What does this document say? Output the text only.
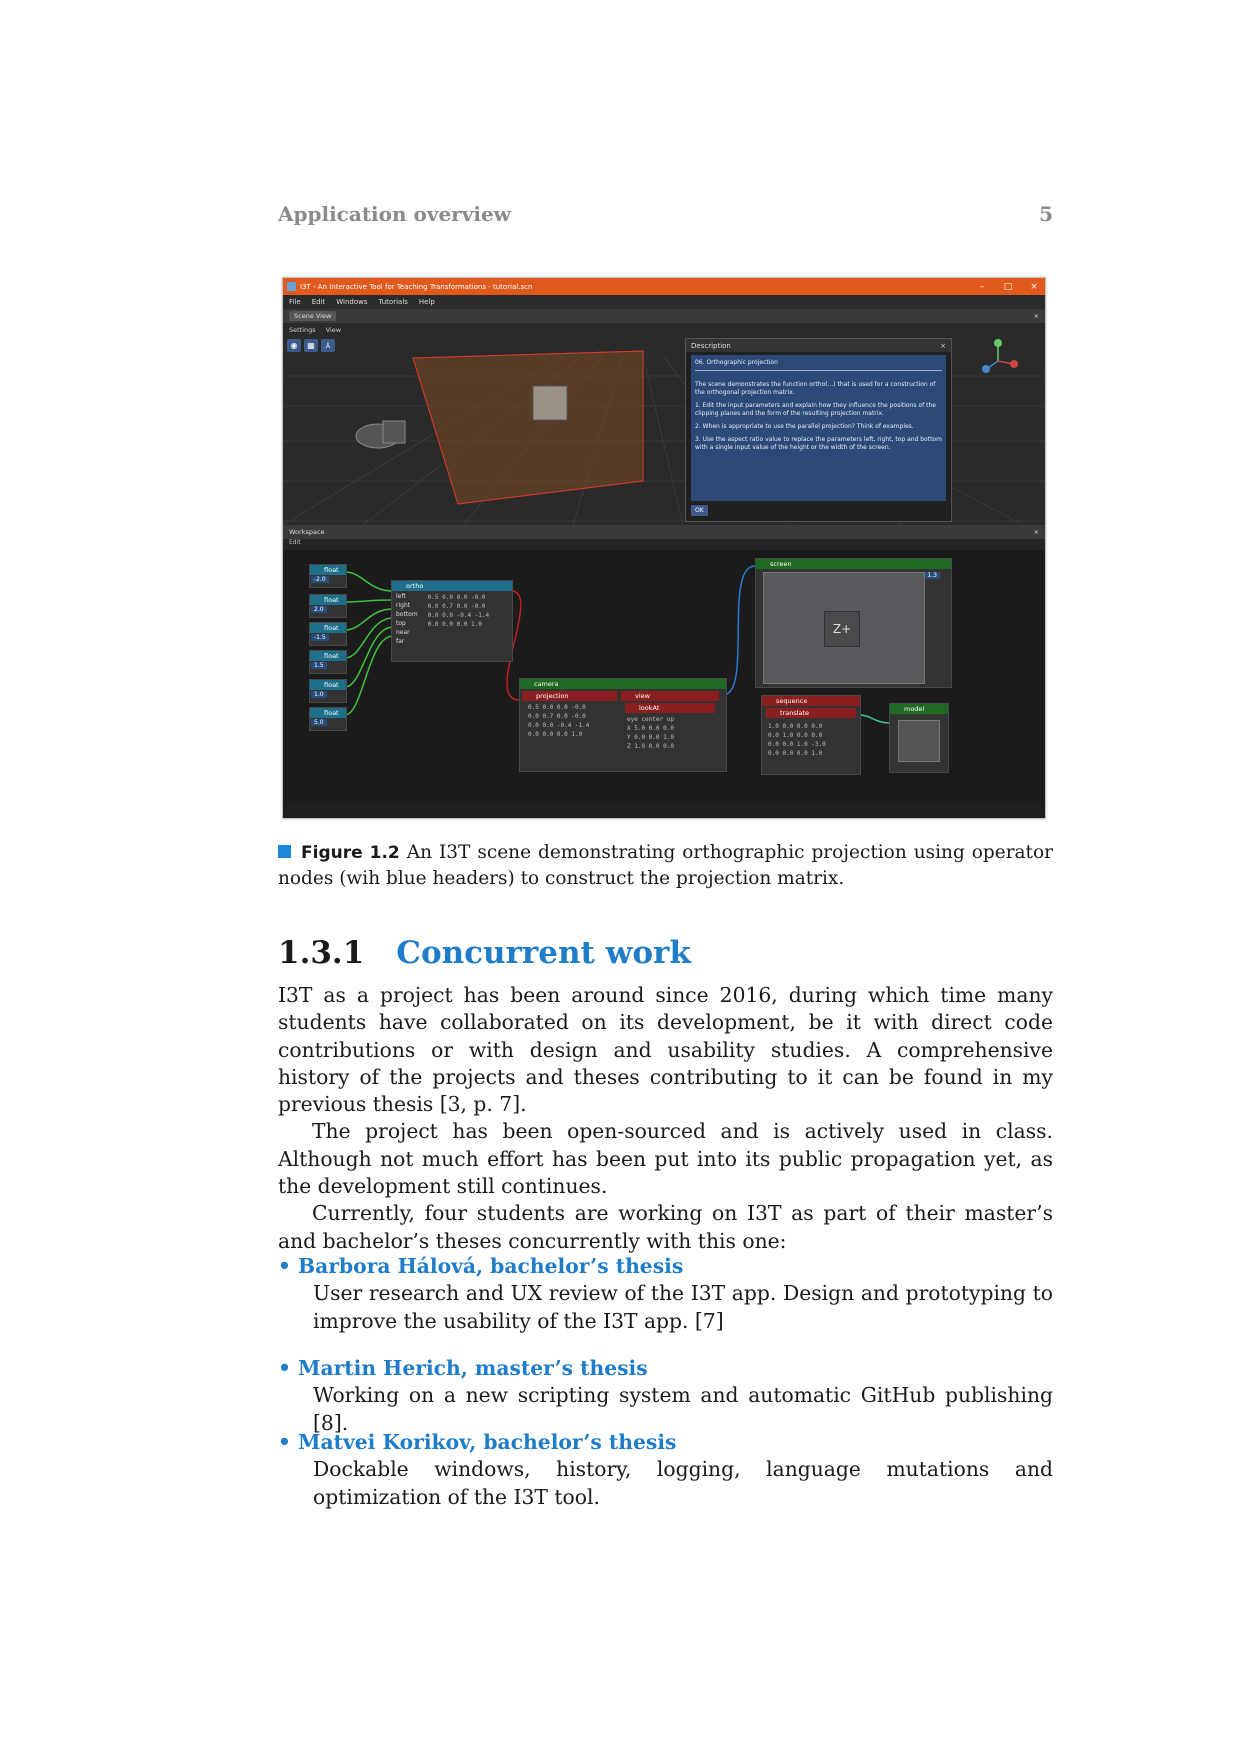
Application overview	5
I3T - An Interactive Tool for Teaching Transformations - tutorial.scn	–	□	×
File Edit Windows Tutorials Help
Scene View	×
Settings View
◉	▦	⅄	Description	×
06. Orthographic projection

The scene demonstrates the function ortho(...) that is used for a construction of the orthogonal projection matrix.

1. Edit the input parameters and explain how they influence the positions of the clipping planes and the form of the resulting projection matrix.

2. When is appropriate to use the parallel projection? Think of examples.

3. Use the aspect ratio value to replace the parameters left, right, top and bottom with a single input value of the height or the width of the screen.

OK
Workspace	×
Edit
float
-2.0
float
2.0
float
-1.5
float
1.5
float
1.0
float
5.0
ortho
left
right
bottom
top
near
far
0.5 0.0 0.0 -0.0
0.0 0.7 0.0 -0.0
0.0 0.0 -0.4 -1.4
0.0 0.0 0.0 1.0
camera
projection
0.5 0.0 0.0 -0.0
0.0 0.7 0.0 -0.0
0.0 0.0 -0.4 -1.4
0.0 0.0 0.0 1.0
view
lookAt
eye center up
X 5.0 0.0 0.0
Y 0.0 0.0 1.0
Z 1.0 0.0 0.0
screen
1.3
Z+
sequence
translate
1.0 0.0 0.0 0.0
0.0 1.0 0.0 0.0
0.0 0.0 1.0 -3.0
0.0 0.0 0.0 1.0
model
Figure 1.2 An I3T scene demonstrating orthographic projection using operator nodes (wih blue headers) to construct the projection matrix.
1.3.1 Concurrent work

I3T as a project has been around since 2016, during which time many students have collaborated on its development, be it with direct code contributions or with design and usability studies. A comprehensive history of the projects and theses contributing to it can be found in my previous thesis [3, p. 7].

The project has been open-sourced and is actively used in class. Although not much effort has been put into its public propagation yet, as the development still continues.

Currently, four students are working on I3T as part of their master’s and bachelor’s theses concurrently with this one:

• Barbora Hálová, bachelor’s thesis
User research and UX review of the I3T app. Design and prototyping to improve the usability of the I3T app. [7]
• Martin Herich, master’s thesis
Working on a new scripting system and automatic GitHub publishing [8].
• Matvei Korikov, bachelor’s thesis
Dockable windows, history, logging, language mutations and optimization of the I3T tool.
